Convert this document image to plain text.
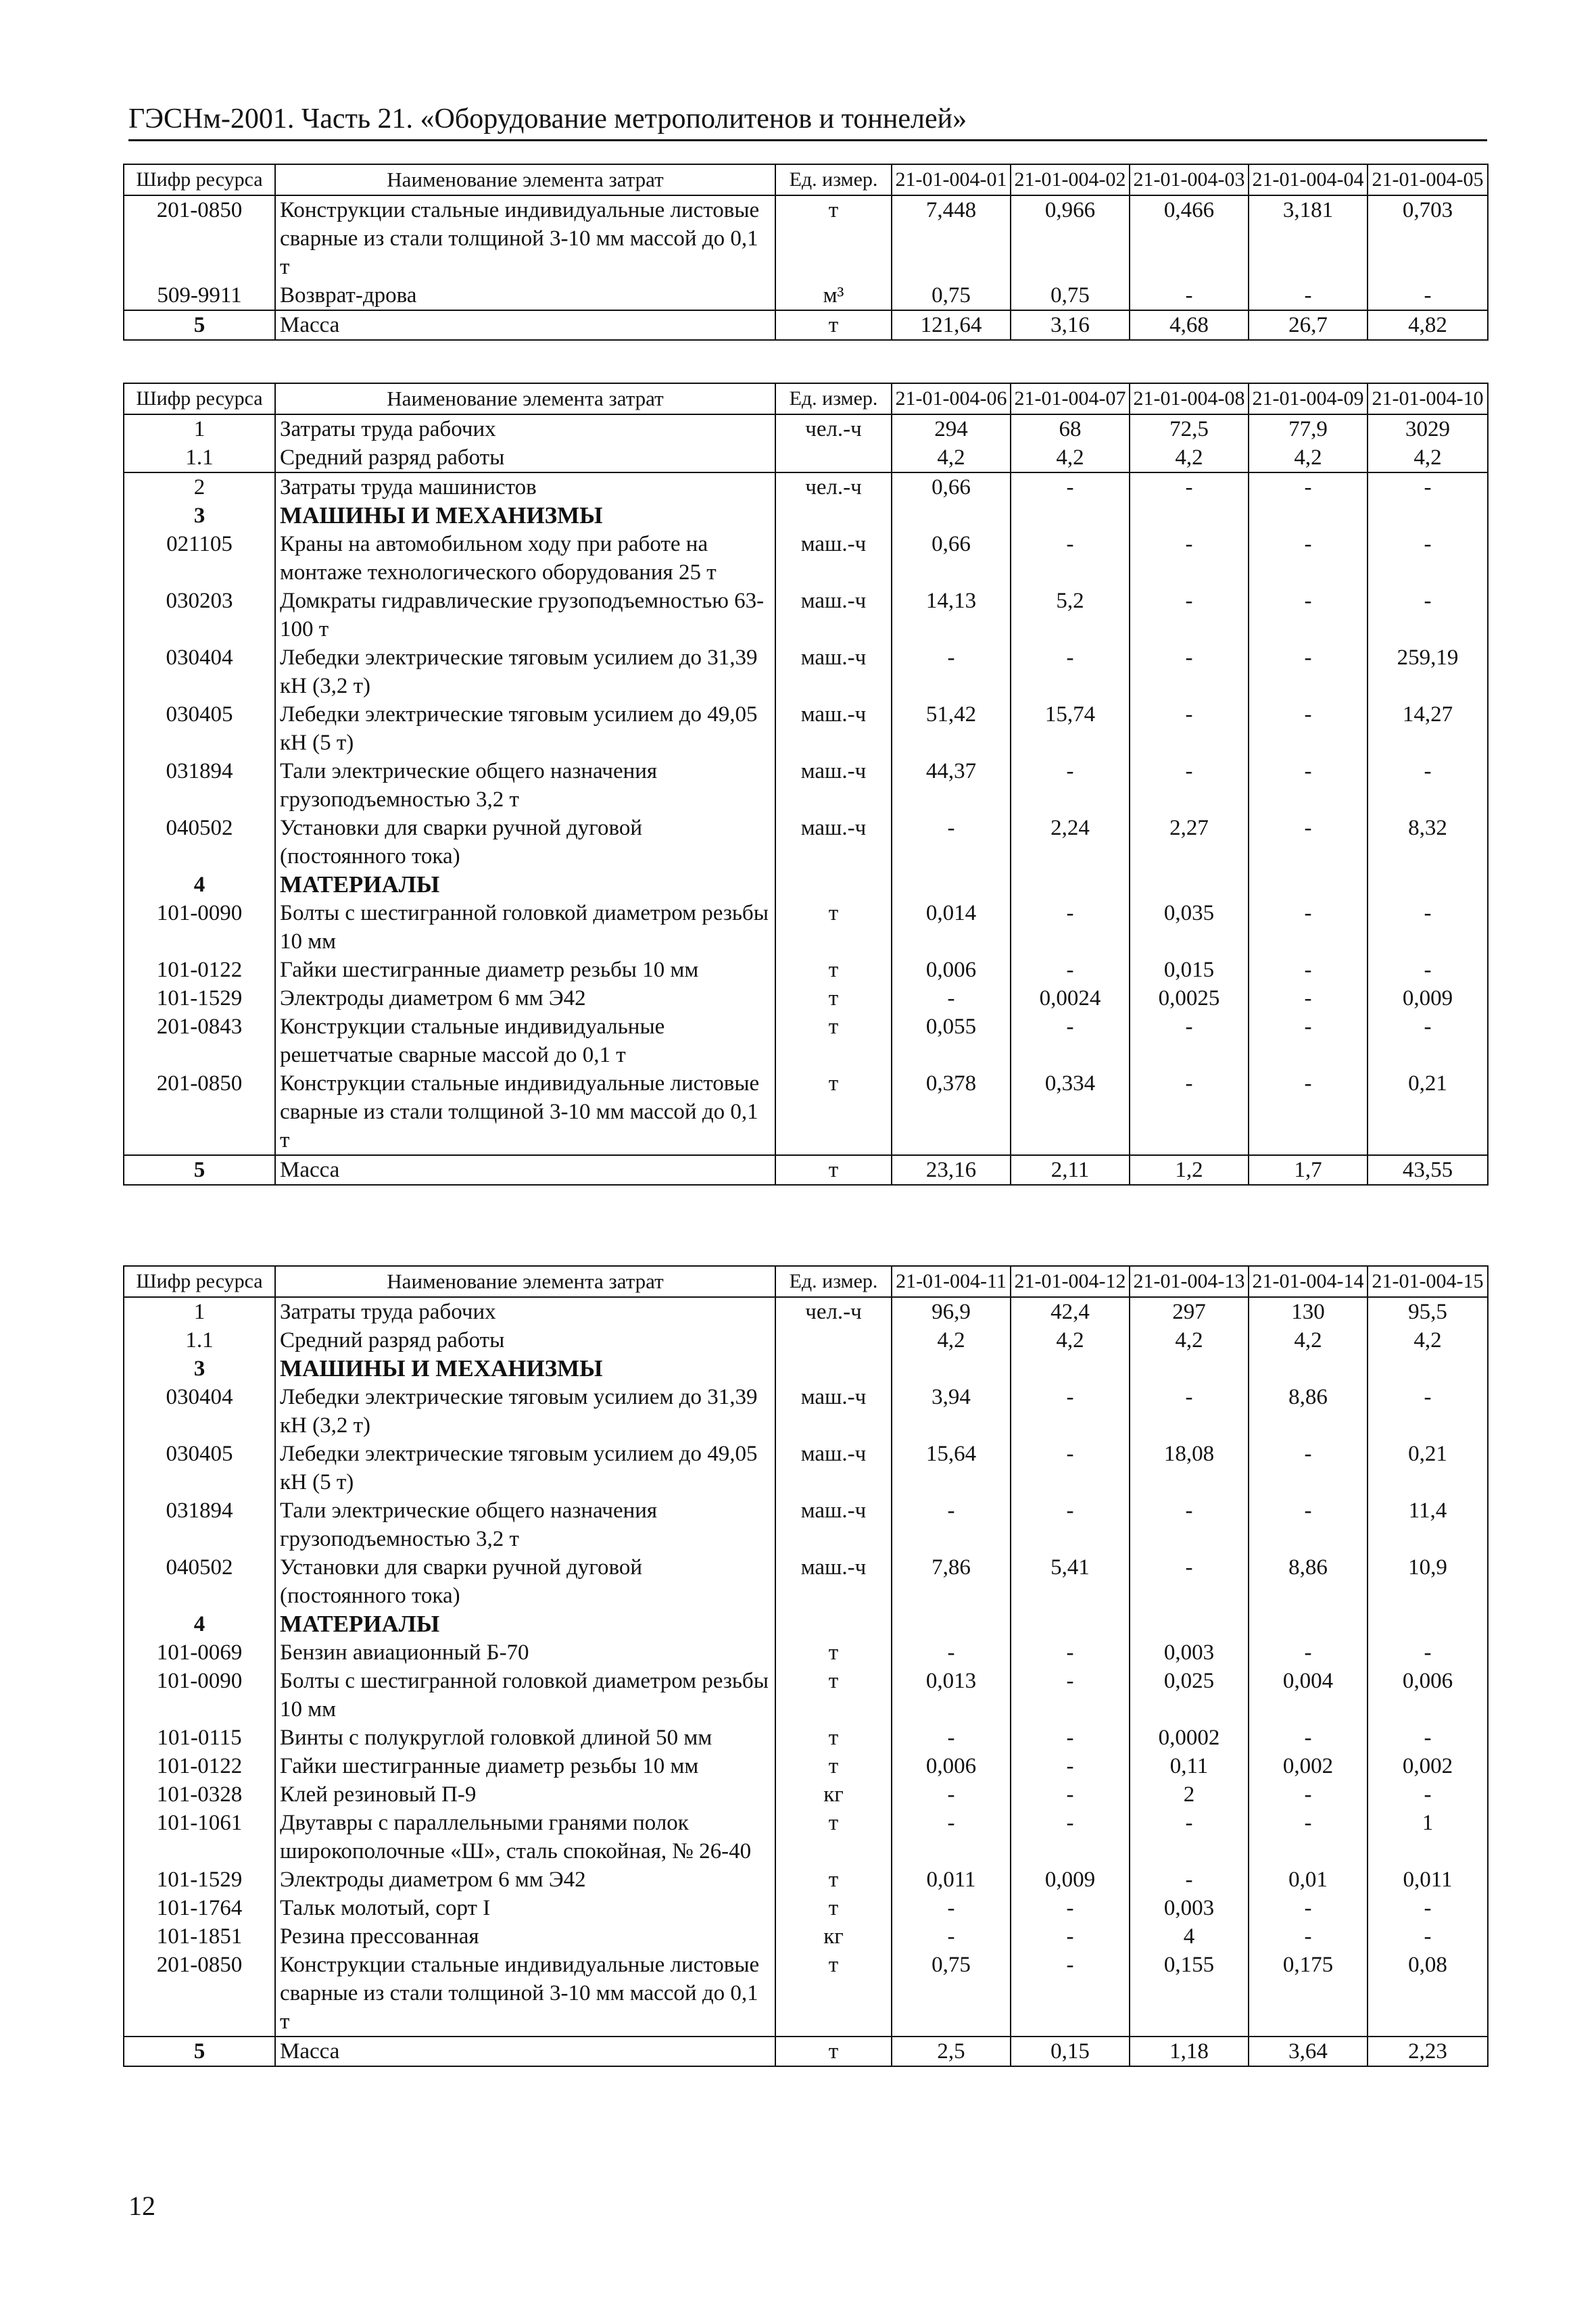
ГЭСНм-2001. Часть 21. «Оборудование метрополитенов и тоннелей»
Шифр ресурса	Наименование элемента затрат	Ед. измер.	21-01-004-01	21-01-004-02	21-01-004-03	21-01-004-04	21-01-004-05
201-0850	Конструкции стальные индивидуальные листовые сварные из стали толщиной 3-10 мм массой до 0,1 т	т	7,448	0,966	0,466	3,181	0,703
509-9911	Возврат-дрова	м³	0,75	0,75	-	-	-
5	Масса	т	121,64	3,16	4,68	26,7	4,82
Шифр ресурса	Наименование элемента затрат	Ед. измер.	21-01-004-06	21-01-004-07	21-01-004-08	21-01-004-09	21-01-004-10
1	Затраты труда рабочих	чел.-ч	294	68	72,5	77,9	3029
1.1	Средний разряд работы		4,2	4,2	4,2	4,2	4,2
2	Затраты труда машинистов	чел.-ч	0,66	-	-	-	-
3	МАШИНЫ И МЕХАНИЗМЫ						
021105	Краны на автомобильном ходу при работе на монтаже технологического оборудования 25 т	маш.-ч	0,66	-	-	-	-
030203	Домкраты гидравлические грузоподъемностью 63-100 т	маш.-ч	14,13	5,2	-	-	-
030404	Лебедки электрические тяговым усилием до 31,39 кН (3,2 т)	маш.-ч	-	-	-	-	259,19
030405	Лебедки электрические тяговым усилием до 49,05 кН (5 т)	маш.-ч	51,42	15,74	-	-	14,27
031894	Тали электрические общего назначения грузоподъемностью 3,2 т	маш.-ч	44,37	-	-	-	-
040502	Установки для сварки ручной дуговой (постоянного тока)	маш.-ч	-	2,24	2,27	-	8,32
4	МАТЕРИАЛЫ						
101-0090	Болты с шестигранной головкой диаметром резьбы 10 мм	т	0,014	-	0,035	-	-
101-0122	Гайки шестигранные диаметр резьбы 10 мм	т	0,006	-	0,015	-	-
101-1529	Электроды диаметром 6 мм Э42	т	-	0,0024	0,0025	-	0,009
201-0843	Конструкции стальные индивидуальные решетчатые сварные массой до 0,1 т	т	0,055	-	-	-	-
201-0850	Конструкции стальные индивидуальные листовые сварные из стали толщиной 3-10 мм массой до 0,1 т	т	0,378	0,334	-	-	0,21
5	Масса	т	23,16	2,11	1,2	1,7	43,55
Шифр ресурса	Наименование элемента затрат	Ед. измер.	21-01-004-11	21-01-004-12	21-01-004-13	21-01-004-14	21-01-004-15
1	Затраты труда рабочих	чел.-ч	96,9	42,4	297	130	95,5
1.1	Средний разряд работы		4,2	4,2	4,2	4,2	4,2
3	МАШИНЫ И МЕХАНИЗМЫ						
030404	Лебедки электрические тяговым усилием до 31,39 кН (3,2 т)	маш.-ч	3,94	-	-	8,86	-
030405	Лебедки электрические тяговым усилием до 49,05 кН (5 т)	маш.-ч	15,64	-	18,08	-	0,21
031894	Тали электрические общего назначения грузоподъемностью 3,2 т	маш.-ч	-	-	-	-	11,4
040502	Установки для сварки ручной дуговой (постоянного тока)	маш.-ч	7,86	5,41	-	8,86	10,9
4	МАТЕРИАЛЫ						
101-0069	Бензин авиационный Б-70	т	-	-	0,003	-	-
101-0090	Болты с шестигранной головкой диаметром резьбы 10 мм	т	0,013	-	0,025	0,004	0,006
101-0115	Винты с полукруглой головкой длиной 50 мм	т	-	-	0,0002	-	-
101-0122	Гайки шестигранные диаметр резьбы 10 мм	т	0,006	-	0,11	0,002	0,002
101-0328	Клей резиновый П-9	кг	-	-	2	-	-
101-1061	Двутавры с параллельными гранями полок широкополочные «Ш», сталь спокойная, № 26-40	т	-	-	-	-	1
101-1529	Электроды диаметром 6 мм Э42	т	0,011	0,009	-	0,01	0,011
101-1764	Тальк молотый, сорт I	т	-	-	0,003	-	-
101-1851	Резина прессованная	кг	-	-	4	-	-
201-0850	Конструкции стальные индивидуальные листовые сварные из стали толщиной 3-10 мм массой до 0,1 т	т	0,75	-	0,155	0,175	0,08
5	Масса	т	2,5	0,15	1,18	3,64	2,23
12
